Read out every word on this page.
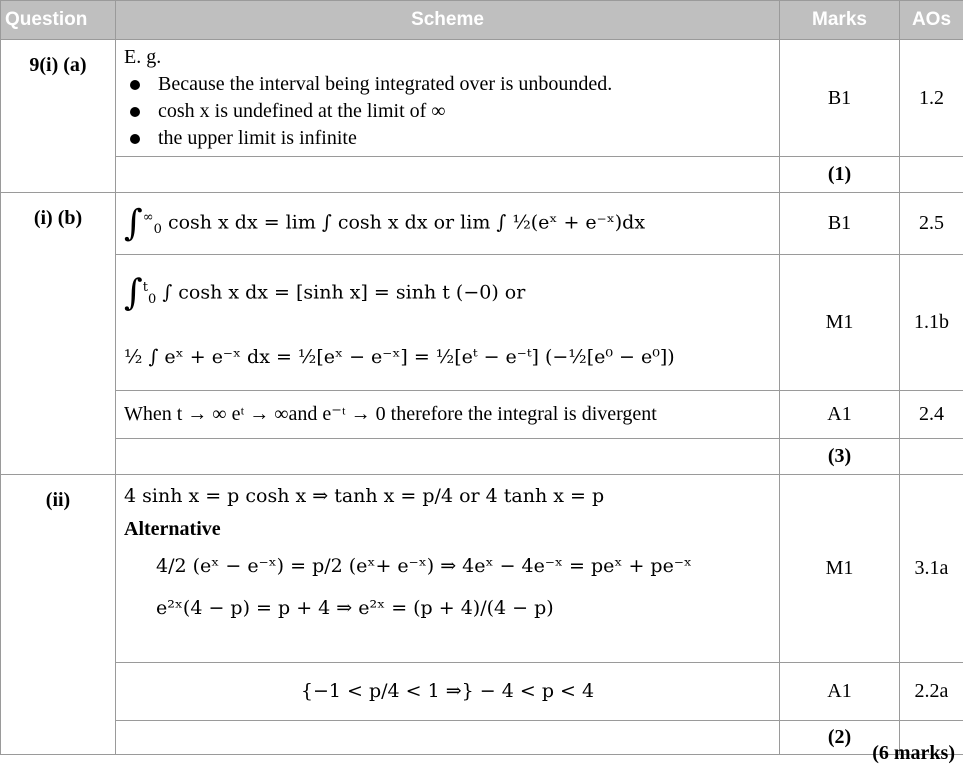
Question	Scheme	Marks	AOs
9(i) (a)	E. g.
Because the interval being integrated over is unbounded.
cosh x is undefined at the limit of ∞
the upper limit is infinite	B1	1.2
		(1)	
(i) (b)	$\int^\infty_0$ cosh x dx = lim ∫ cosh x dx or lim ∫ ½(eˣ + e⁻ˣ)dx	B1	2.5

	∫$^t_0$ ∫ cosh x dx = [sinh x] = sinh t (−0) or
½ ∫ eˣ + e⁻ˣ dx = ½[eˣ − e⁻ˣ] = ½[eᵗ − e⁻ᵗ] (−½[e⁰ − e⁰])	M1	1.1b

	When t → ∞ eᵗ → ∞and e⁻ᵗ → 0 therefore the integral is divergent	A1	2.4
		(3)	
(ii)	4 sinh x = p cosh x ⇒ tanh x = p/4 or 4 tanh x = p
Alternative
4/2 (eˣ − e⁻ˣ) = p/2 (eˣ+ e⁻ˣ) ⇒ 4eˣ − 4e⁻ˣ = peˣ + pe⁻ˣ
e²ˣ(4 − p) = p + 4 ⇒ e²ˣ = (p + 4)/(4 − p)	M1	3.1a

	{−1 < p/4 < 1 ⇒} − 4 < p < 4	A1	2.2a
		(2)	
(6 marks)
